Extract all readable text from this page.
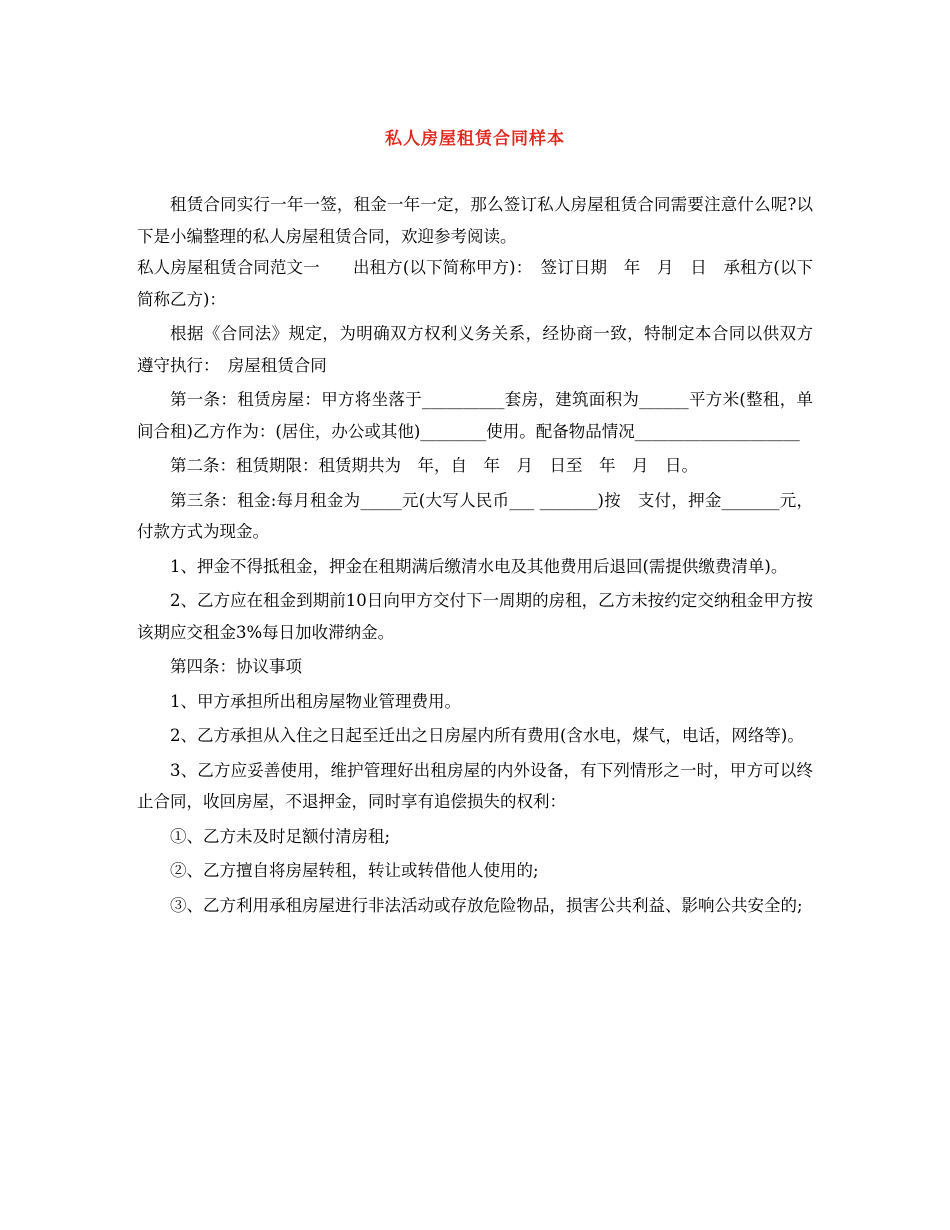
私人房屋租赁合同样本

租赁合同实行一年一签，租金一年一定，那么签订私人房屋租赁合同需要注意什么呢?以下是小编整理的私人房屋租赁合同，欢迎参考阅读。

私人房屋租赁合同范文一　　出租方(以下简称甲方)：　签订日期　年　月　日　承租方(以下简称乙方)：

根据《合同法》规定，为明确双方权利义务关系，经协商一致，特制定本合同以供双方遵守执行：　房屋租赁合同

第一条：租赁房屋：甲方将坐落于__________套房，建筑面积为______平方米(整租，单间合租)乙方作为：(居住，办公或其他)________使用。配备物品情况____________________

第二条：租赁期限：租赁期共为　年，自　年　月　日至　年　月　日。

第三条：租金:每月租金为_____元(大写人民币___ _______)按　支付，押金_______元，付款方式为现金。

1、押金不得抵租金，押金在租期满后缴清水电及其他费用后退回(需提供缴费清单)。

2、乙方应在租金到期前10日向甲方交付下一周期的房租，乙方未按约定交纳租金甲方按该期应交租金3%每日加收滞纳金。

第四条：协议事项

1、甲方承担所出租房屋物业管理费用。

2、乙方承担从入住之日起至迁出之日房屋内所有费用(含水电，煤气，电话，网络等)。

3、乙方应妥善使用，维护管理好出租房屋的内外设备，有下列情形之一时，甲方可以终止合同，收回房屋，不退押金，同时享有追偿损失的权利：

①、乙方未及时足额付清房租;

②、乙方擅自将房屋转租，转让或转借他人使用的;

③、乙方利用承租房屋进行非法活动或存放危险物品，损害公共利益、影响公共安全的;
